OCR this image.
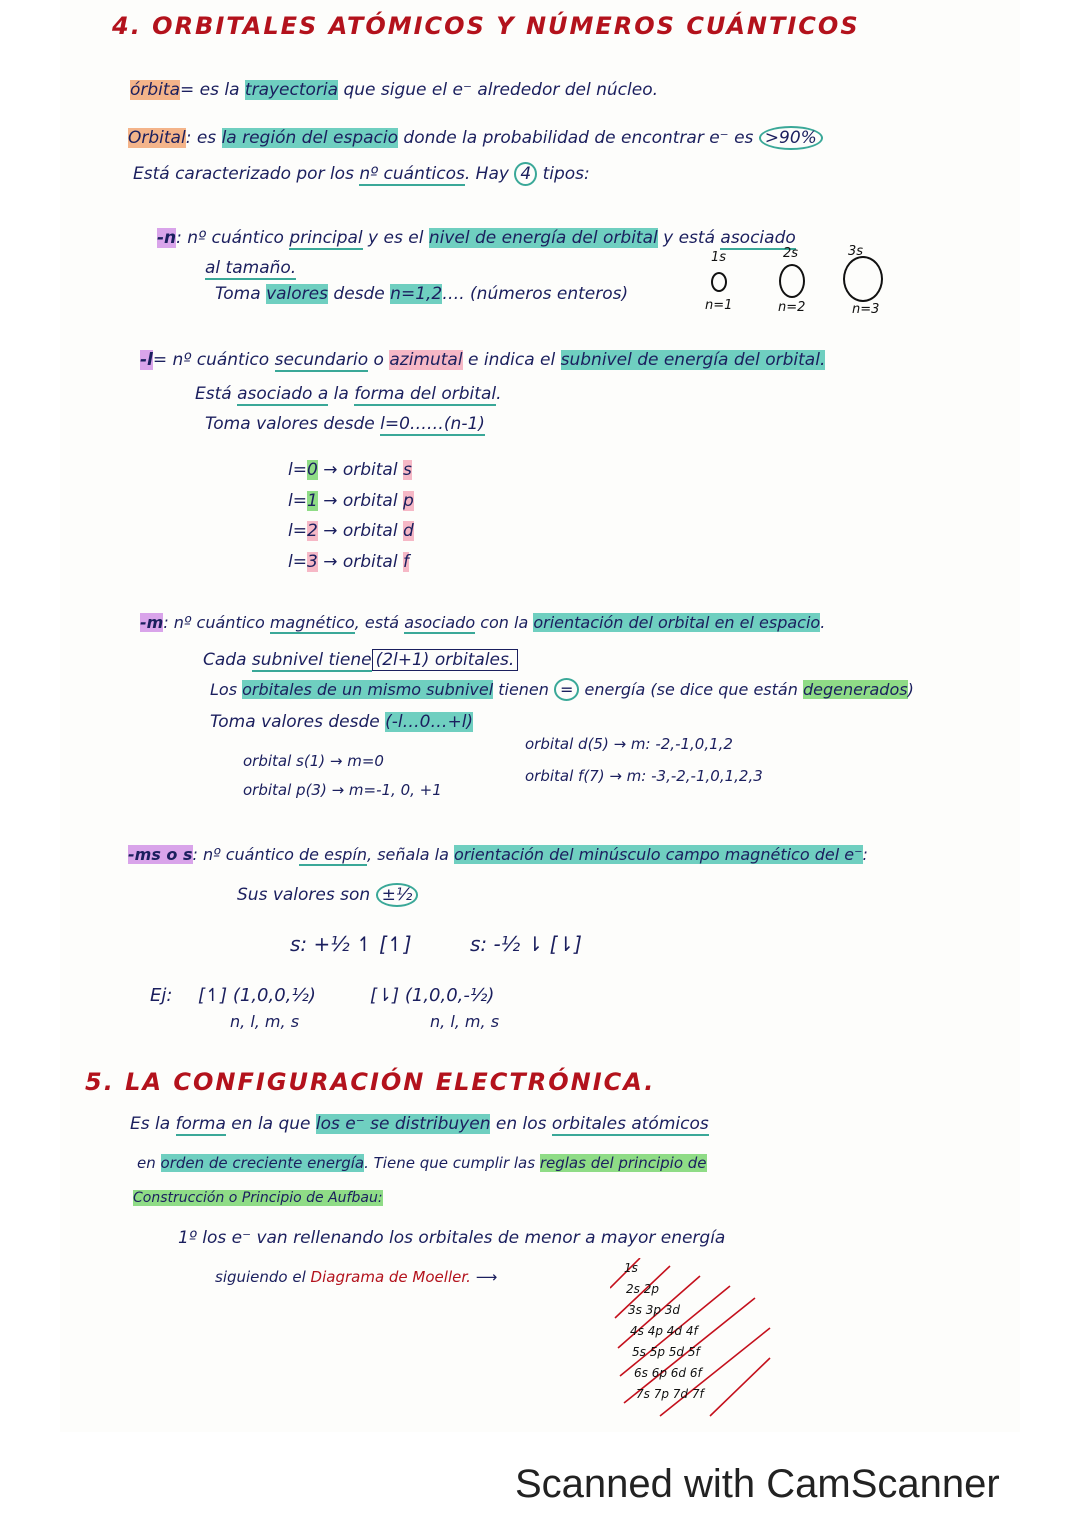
4. ORBITALES ATÓMICOS Y NÚMEROS CUÁNTICOS
órbita= es la trayectoria que sigue el e⁻ alrededor del núcleo.
Orbital: es la región del espacio donde la probabilidad de encontrar e⁻ es >90%
Está caracterizado por los nº cuánticos. Hay 4 tipos:
-n: nº cuántico principal y es el nivel de energía del orbital y está asociado
al tamaño.
Toma valores desde n=1,2…. (números enteros)
1s
n=1
2s
n=2
3s
n=3
-l= nº cuántico secundario o azimutal e indica el subnivel de energía del orbital.
Está asociado a la forma del orbital.
Toma valores desde l=0……(n-1)
l=0 → orbital s
l=1 → orbital p
l=2 → orbital d
l=3 → orbital f
-m: nº cuántico magnético, está asociado con la orientación del orbital en el espacio.
Cada subnivel tiene (2l+1) orbitales.
Los orbitales de un mismo subnivel tienen = energía (se dice que están degenerados)
Toma valores desde (-l…0…+l)
orbital s(1) → m=0
orbital p(3) → m=-1, 0, +1
orbital d(5) → m: -2,-1,0,1,2
orbital f(7) → m: -3,-2,-1,0,1,2,3
-ms o s: nº cuántico de espín, señala la orientación del minúsculo campo magnético del e⁻:
Sus valores son ±½
s: +½ ↿ [↿]	s: -½ ⇂ [⇂]
Ej: [↿] (1,0,0,½)
n, l, m, s
[⇂] (1,0,0,-½)
n, l, m, s
5. LA CONFIGURACIÓN ELECTRÓNICA.
Es la forma en la que los e⁻ se distribuyen en los orbitales atómicos
en orden de creciente energía. Tiene que cumplir las reglas del principio de
Construcción o Principio de Aufbau:
1º los e⁻ van rellenando los orbitales de menor a mayor energía
siguiendo el Diagrama de Moeller. ⟶	1s
2s 2p
3s 3p 3d
4s 4p 4d 4f
5s 5p 5d 5f
6s 6p 6d 6f
7s 7p 7d 7f
Scanned with CamScanner
